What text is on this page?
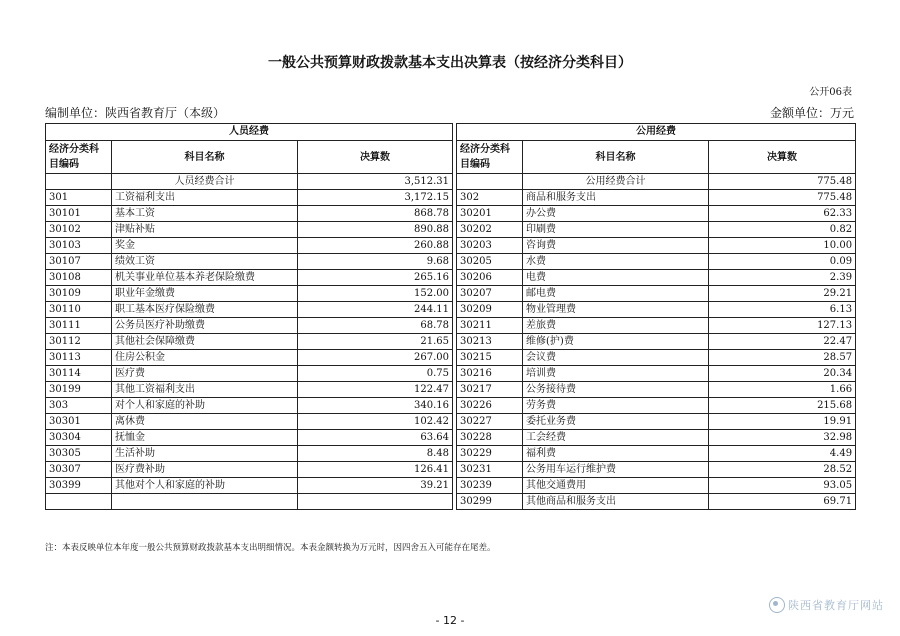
一般公共预算财政拨款基本支出决算表（按经济分类科目）
公开06表
编制单位：陕西省教育厅（本级）	金额单位：万元
人员经费				公用经费		
经济分类科目编码	科目名称	决算数		经济分类科目编码	科目名称	决算数
	人员经费合计	3,512.31			公用经费合计	775.48
301	工资福利支出	3,172.15		302	商品和服务支出	775.48
30101	基本工资	868.78		30201	办公费	62.33
30102	津贴补贴	890.88		30202	印刷费	0.82
30103	奖金	260.88		30203	咨询费	10.00
30107	绩效工资	9.68		30205	水费	0.09
30108	机关事业单位基本养老保险缴费	265.16		30206	电费	2.39
30109	职业年金缴费	152.00		30207	邮电费	29.21
30110	职工基本医疗保险缴费	244.11		30209	物业管理费	6.13
30111	公务员医疗补助缴费	68.78		30211	差旅费	127.13
30112	其他社会保障缴费	21.65		30213	维修(护)费	22.47
30113	住房公积金	267.00		30215	会议费	28.57
30114	医疗费	0.75		30216	培训费	20.34
30199	其他工资福利支出	122.47		30217	公务接待费	1.66
303	对个人和家庭的补助	340.16		30226	劳务费	215.68
30301	离休费	102.42		30227	委托业务费	19.91
30304	抚恤金	63.64		30228	工会经费	32.98
30305	生活补助	8.48		30229	福利费	4.49
30307	医疗费补助	126.41		30231	公务用车运行维护费	28.52
30399	其他对个人和家庭的补助	39.21		30239	其他交通费用	93.05
				30299	其他商品和服务支出	69.71
注：本表反映单位本年度一般公共预算财政拨款基本支出明细情况。本表金额转换为万元时，因四舍五入可能存在尾差。
- 12 -
陕西省教育厅网站
